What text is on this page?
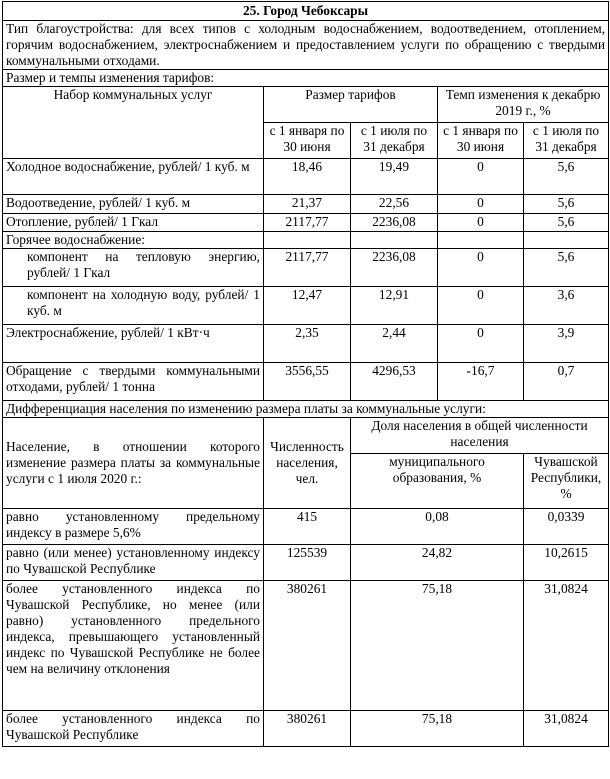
25. Город Чебоксары				
Тип благоустройства: для всех типов с холодным водоснабжением, водоотведением, отоплением, горячим водоснабжением, электроснабжением и предоставлением услуги по обращению с твердыми коммунальными отходами.				
Размер и темпы изменения тарифов:				
Набор коммунальных услуг	Размер тарифов		Темп изменения к декабрю 2019 г., %	
	с 1 января по 30 июня	с 1 июля по 31 декабря	с 1 января по 30 июня	с 1 июля по 31 декабря
Холодное водоснабжение, рублей/ 1 куб. м	18,46	19,49	0	5,6
Водоотведение, рублей/ 1 куб. м	21,37	22,56	0	5,6
Отопление, рублей/ 1 Гкал	2117,77	2236,08	0	5,6
Горячее водоснабжение:				
компонент на тепловую энергию, рублей/ 1 Гкал	2117,77	2236,08	0	5,6
компонент на холодную воду, рублей/ 1 куб. м	12,47	12,91	0	3,6
Электроснабжение, рублей/ 1 кВт·ч	2,35	2,44	0	3,9
Обращение с твердыми коммунальными отходами, рублей/ 1 тонна	3556,55	4296,53	-16,7	0,7
Дифференциация населения по изменению размера платы за коммунальные услуги:				
Население, в отношении которого изменение размера платы за коммунальные услуги с 1 июля 2020 г.:	Численность населения, чел.	Доля населения в общей численности населения		
		муниципального образования, %		Чувашской Республики, %
равно установленному предельному индексу в размере 5,6%	415	0,08		0,0339
равно (или менее) установленному индексу по Чувашской Республике	125539	24,82		10,2615
более установленного индекса по Чувашской Республике, но менее (или равно) установленного предельного индекса, превышающего установленный индекс по Чувашской Республике не более чем на величину отклонения	380261	75,18		31,0824
более установленного индекса по Чувашской Республике	380261	75,18		31,0824
